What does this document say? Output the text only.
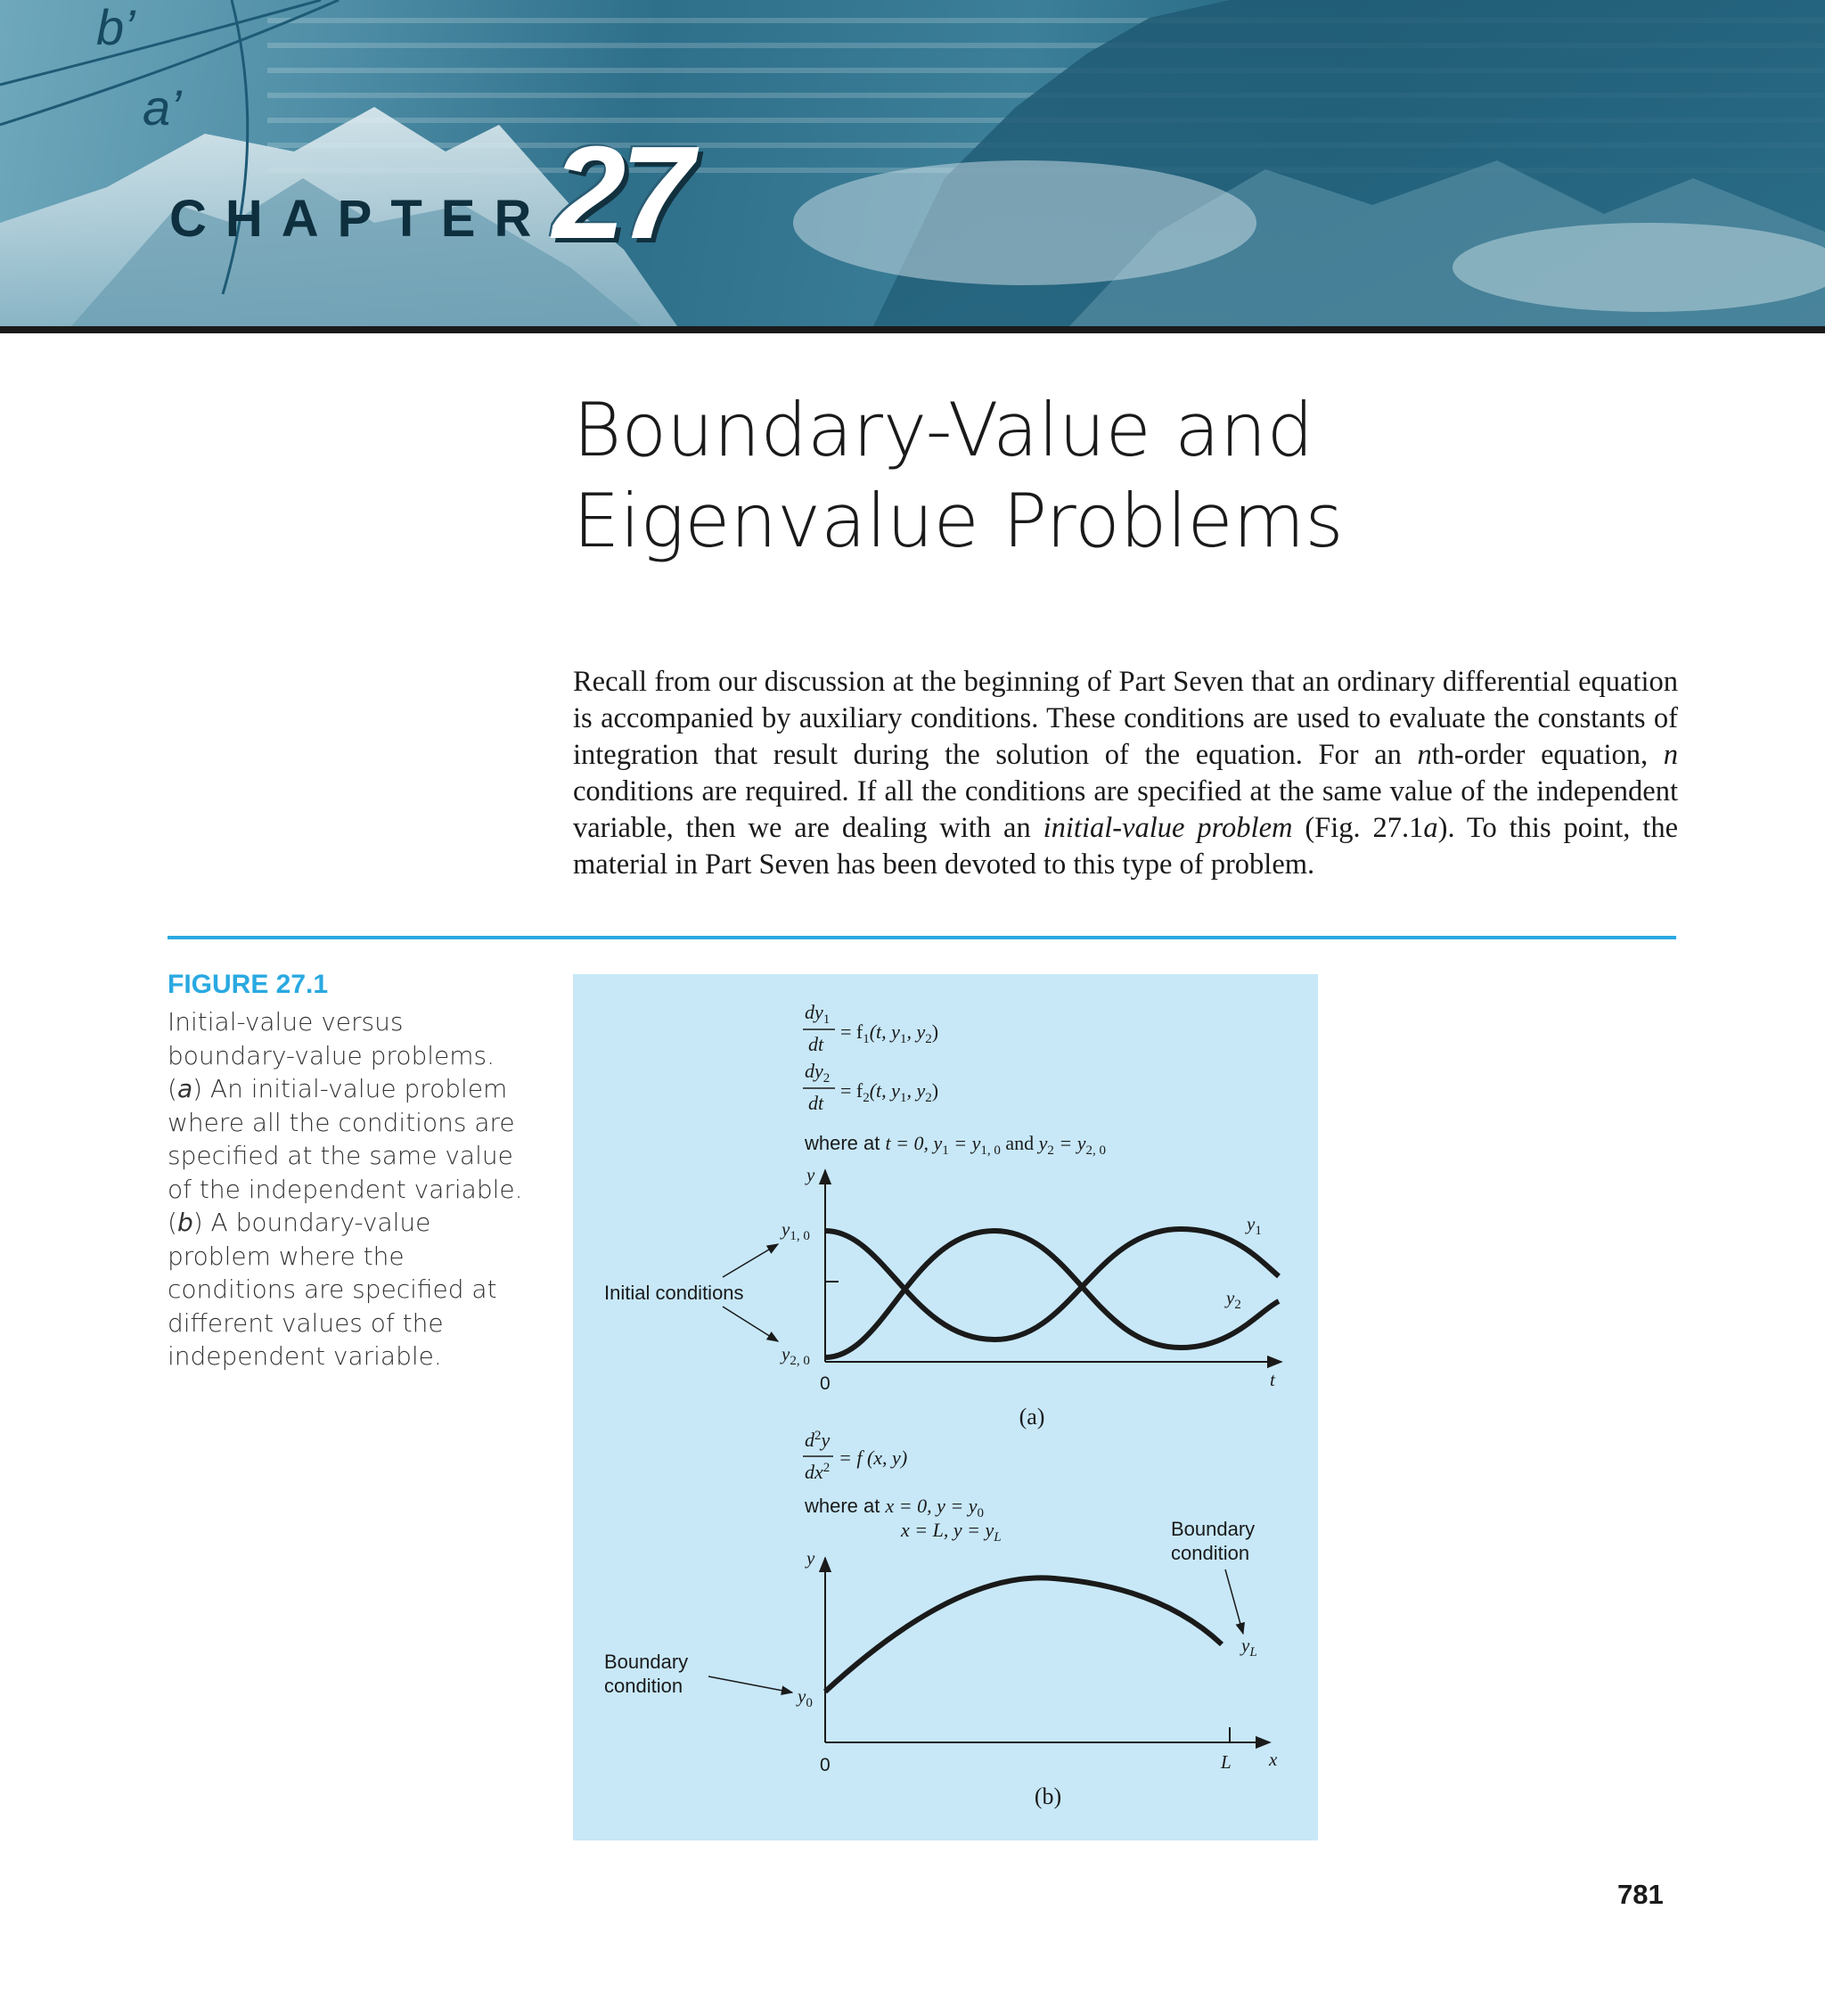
b’
a’
CHAPTER 27
Boundary-Value and
Eigenvalue Problems
Recall from our discussion at the beginning of Part Seven that an ordinary differential equation is accompanied by auxiliary conditions. These conditions are used to evaluate the constants of integration that result during the solution of the equation. For an nth-order equation, n conditions are required. If all the conditions are specified at the same value of the independent variable, then we are dealing with an initial-value problem (Fig. 27.1a). To this point, the material in Part Seven has been devoted to this type of problem.
FIGURE 27.1
Initial-value versus boundary-value problems. (a) An initial-value problem where all the conditions are specified at the same value of the independent variable. (b) A boundary-value problem where the conditions are specified at different values of the independent variable.
$dy_1$
dt
= $f_1(t$, $y_1$, $y_2$)
$dy_2$
dt
= $f_2(t$, $y_1$, $y_2$)
where at t = 0, $y_1 = y_{1, 0}$ and $y_2 = y_{2, 0}$
y
t
$y_{1, 0}$
$y_{2, 0}$
$y_1$
$y_2$
0
Initial conditions
(a)
$d^2y$
$dx^2 = f$ (x, y)
where at x = 0, $y = y_0$
x = L, $y = y_L$
y
x
L
$y_0$
$y_L$
0
Boundary
condition
Boundary
condition
(b)
781
